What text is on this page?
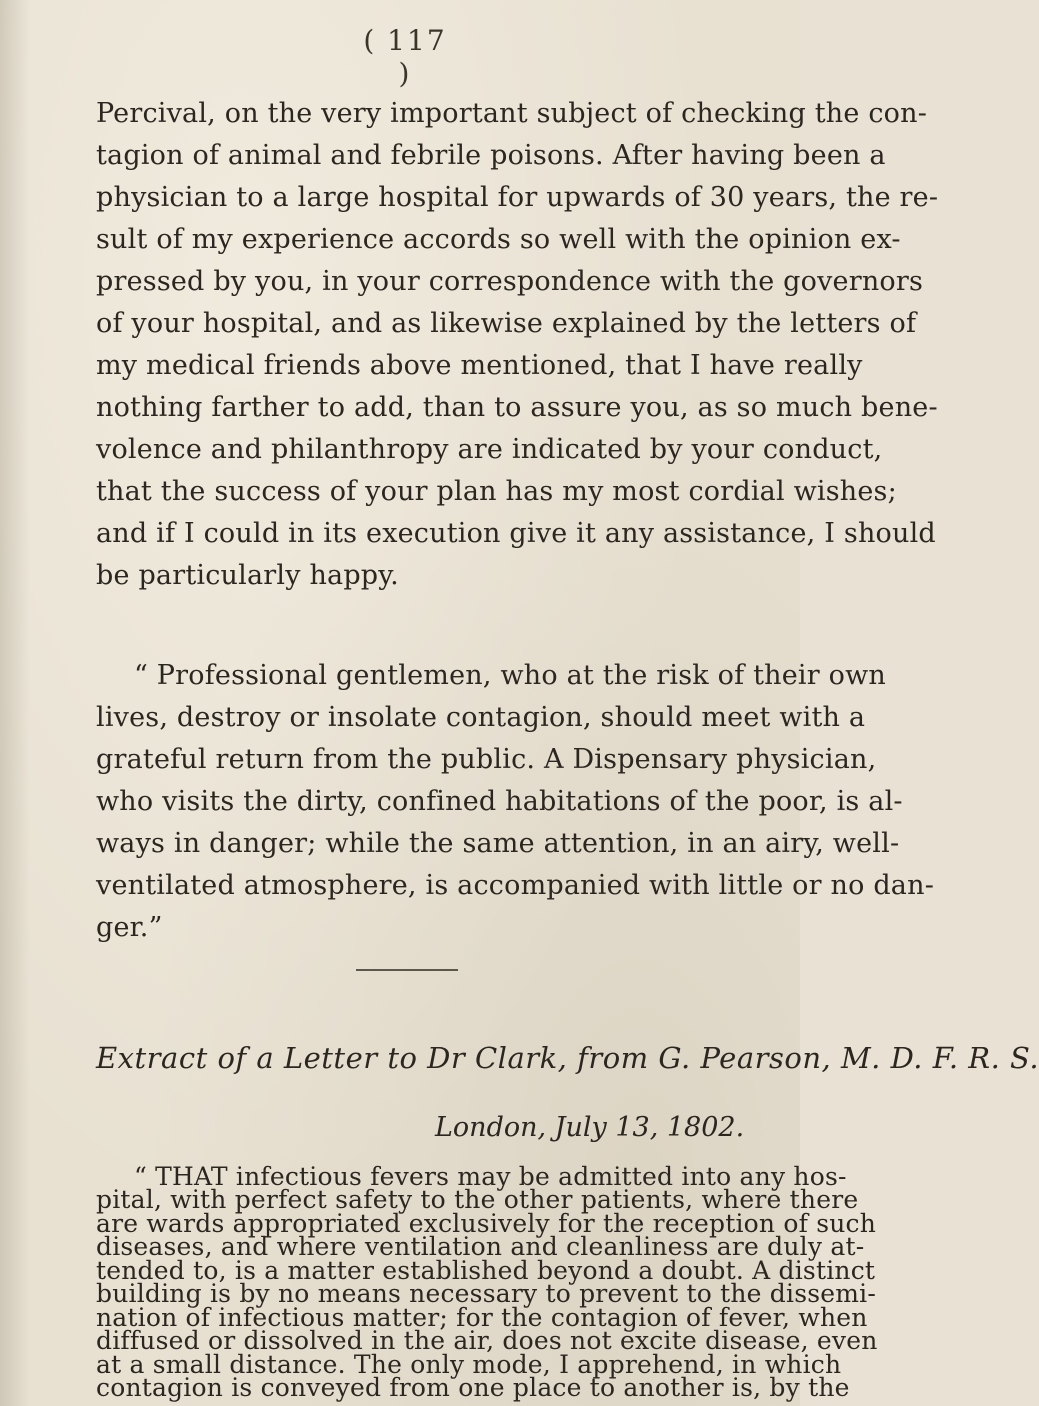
( 117 )
Percival, on the very important subject of checking the con-
tagion of animal and febrile poisons. After having been a
physician to a large hospital for upwards of 30 years, the re-
sult of my experience accords so well with the opinion ex-
pressed by you, in your correspondence with the governors
of your hospital, and as likewise explained by the letters of
my medical friends above mentioned, that I have really
nothing farther to add, than to assure you, as so much bene-
volence and philanthropy are indicated by your conduct,
that the success of your plan has my most cordial wishes;
and if I could in its execution give it any assistance, I should
be particularly happy.
“ Professional gentlemen, who at the risk of their own
lives, destroy or insolate contagion, should meet with a
grateful return from the public. A Dispensary physician,
who visits the dirty, confined habitations of the poor, is al-
ways in danger; while the same attention, in an airy, well-
ventilated atmosphere, is accompanied with little or no dan-
ger.”
Extract of a Letter to Dr Clark, from G. Pearson, M. D. F. R. S.
London, July 13, 1802.
“ THAT infectious fevers may be admitted into any hos-
pital, with perfect safety to the other patients, where there
are wards appropriated exclusively for the reception of such
diseases, and where ventilation and cleanliness are duly at-
tended to, is a matter established beyond a doubt. A distinct
building is by no means necessary to prevent to the dissemi-
nation of infectious matter; for the contagion of fever, when
diffused or dissolved in the air, does not excite disease, even
at a small distance. The only mode, I apprehend, in which
contagion is conveyed from one place to another is, by the
